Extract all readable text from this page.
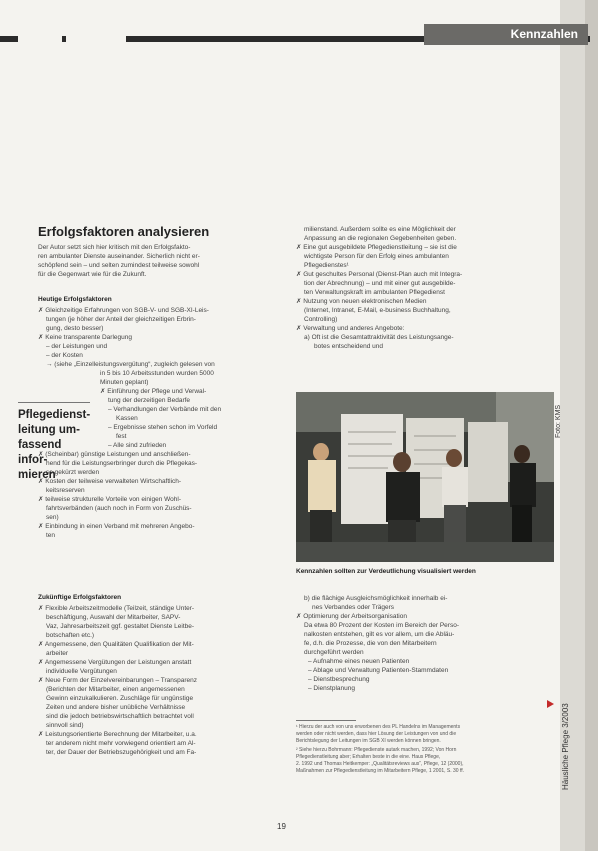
Kennzahlen
Erfolgsfaktoren analysieren
Der Autor setzt sich hier kritisch mit den Erfolgsfakto-
ren ambulanter Dienste auseinander. Sicherlich nicht er-
schöpfend sein – und selten zumindest teilweise sowohl
für die Gegenwart wie für die Zukunft.
Heutige Erfolgsfaktoren
✗ Gleichzeitige Erfahrungen von SGB-V- und SGB-XI-Leis-
tungen (je höher der Anteil der gleichzeitigen Erbrin-
gung, desto besser)
✗ Keine transparente Darlegung
– der Leistungen und
– der Kosten
→ (siehe „Einzelleistungsvergütung“, zugleich gelesen von
in 5 bis 10 Arbeitsstunden wurden 5000
Minuten geplant)
✗ Einführung der Pflege und Verwal-
tung der derzeitigen Bedarfe
– Verhandlungen der Verbände mit den
Kassen
– Ergebnisse stehen schon im Vorfeld
fest
– Alle sind zufrieden
✗ (Scheinbar) günstige Leistungen und anschließen-
hend für die Leistungserbringer durch die Pflegekas-
se gekürzt werden
✗ Kosten der teilweise verwalteten Wirtschaftlich-
keitsreserven
✗ teilweise strukturelle Vorteile von einigen Wohl-
fahrtsverbänden (auch noch in Form von Zuschüs-
sen)
✗ Einbindung in einen Verband mit mehreren Angebo-
ten
Pflegedienst-
leitung um-
fassend infor-
mieren
Zukünftige Erfolgsfaktoren
✗ Flexible Arbeitszeitmodelle (Teilzeit, ständige Unter-
beschäftigung, Auswahl der Mitarbeiter, SAPV-
Vaz, Jahresarbeitszeit ggf. gestaltet Dienste Leitbe-
botschaften etc.)
✗ Angemessene, den Qualitäten Qualifikation der Mit-
arbeiter
✗ Angemessene Vergütungen der Leistungen anstatt
individuelle Vergütungen
✗ Neue Form der Einzelvereinbarungen – Transparenz
(Berichten der Mitarbeiter, einen angemessenen
Gewinn einzukalkulieren. Zuschläge für ungünstige
Zeiten und andere bisher unübliche Verhältnisse
sind die jedoch betriebswirtschaftlich betrachtet voll
sinnvoll sind)
✗ Leistungsorientierte Berechnung der Mitarbeiter, u.a.
ter anderem nicht mehr vorwiegend orientiert am Al-
ter, der Dauer der Betriebszugehörigkeit und am Fa-
milienstand. Außerdem sollte es eine Möglichkeit der
Anpassung an die regionalen Gegebenheiten geben.
✗ Eine gut ausgebildete Pflegedienstleitung – sie ist die
wichtigste Person für den Erfolg eines ambulanten
Pflegedienstes¹
✗ Gut geschultes Personal (Dienst-Plan auch mit Integra-
tion der Abrechnung) – und mit einer gut ausgebilde-
ten Verwaltungskraft im ambulanten Pflegedienst
✗ Nutzung von neuen elektronischen Medien
(Internet, Intranet, E-Mail, e-business Buchhaltung,
Controlling)
✗ Verwaltung und anderes Angebote:
a) Oft ist die Gesamtattraktivität des Leistungsange-
botes entscheidend und
Foto: KMS
Kennzahlen sollten zur Verdeutlichung visualisiert werden
b) die flächige Ausgleichsmöglichkeit innerhalb ei-
nes Verbandes oder Trägers
✗ Optimierung der Arbeitsorganisation
Da etwa 80 Prozent der Kosten im Bereich der Perso-
nalkosten entstehen, gilt es vor allem, um die Abläu-
fe, d.h. die Prozesse, die von den Mitarbeitern
durchgeführt werden
– Aufnahme eines neuen Patienten
– Ablage und Verwaltung Patienten-Stammdaten
– Dienstbesprechung
– Dienstplanung
¹ Hierzu der auch von uns erworbenen des PL Handelns im Managements
werden oder nicht werden, dass hier Lösung der Leistungen von und die
Berichtslegung der Leitungen im SGB XI werden können bringen.
² Siehe hierzu Bohrmann: Pflegedienste autark machen, 1992; Von Horn
Pflegedienstleitung aber; Erhalten beste in die eine. Haus Pflege,
2. 1992 und Thomas Heitkemper: „Qualitätsreviews aus“, Pflege, 12 (2000),
Maßnahmen zur Pflegedienstleitung im Mitarbeitern Pflege, 1 2001, S. 30 ff.	Häusliche Pflege 3/2003
19
